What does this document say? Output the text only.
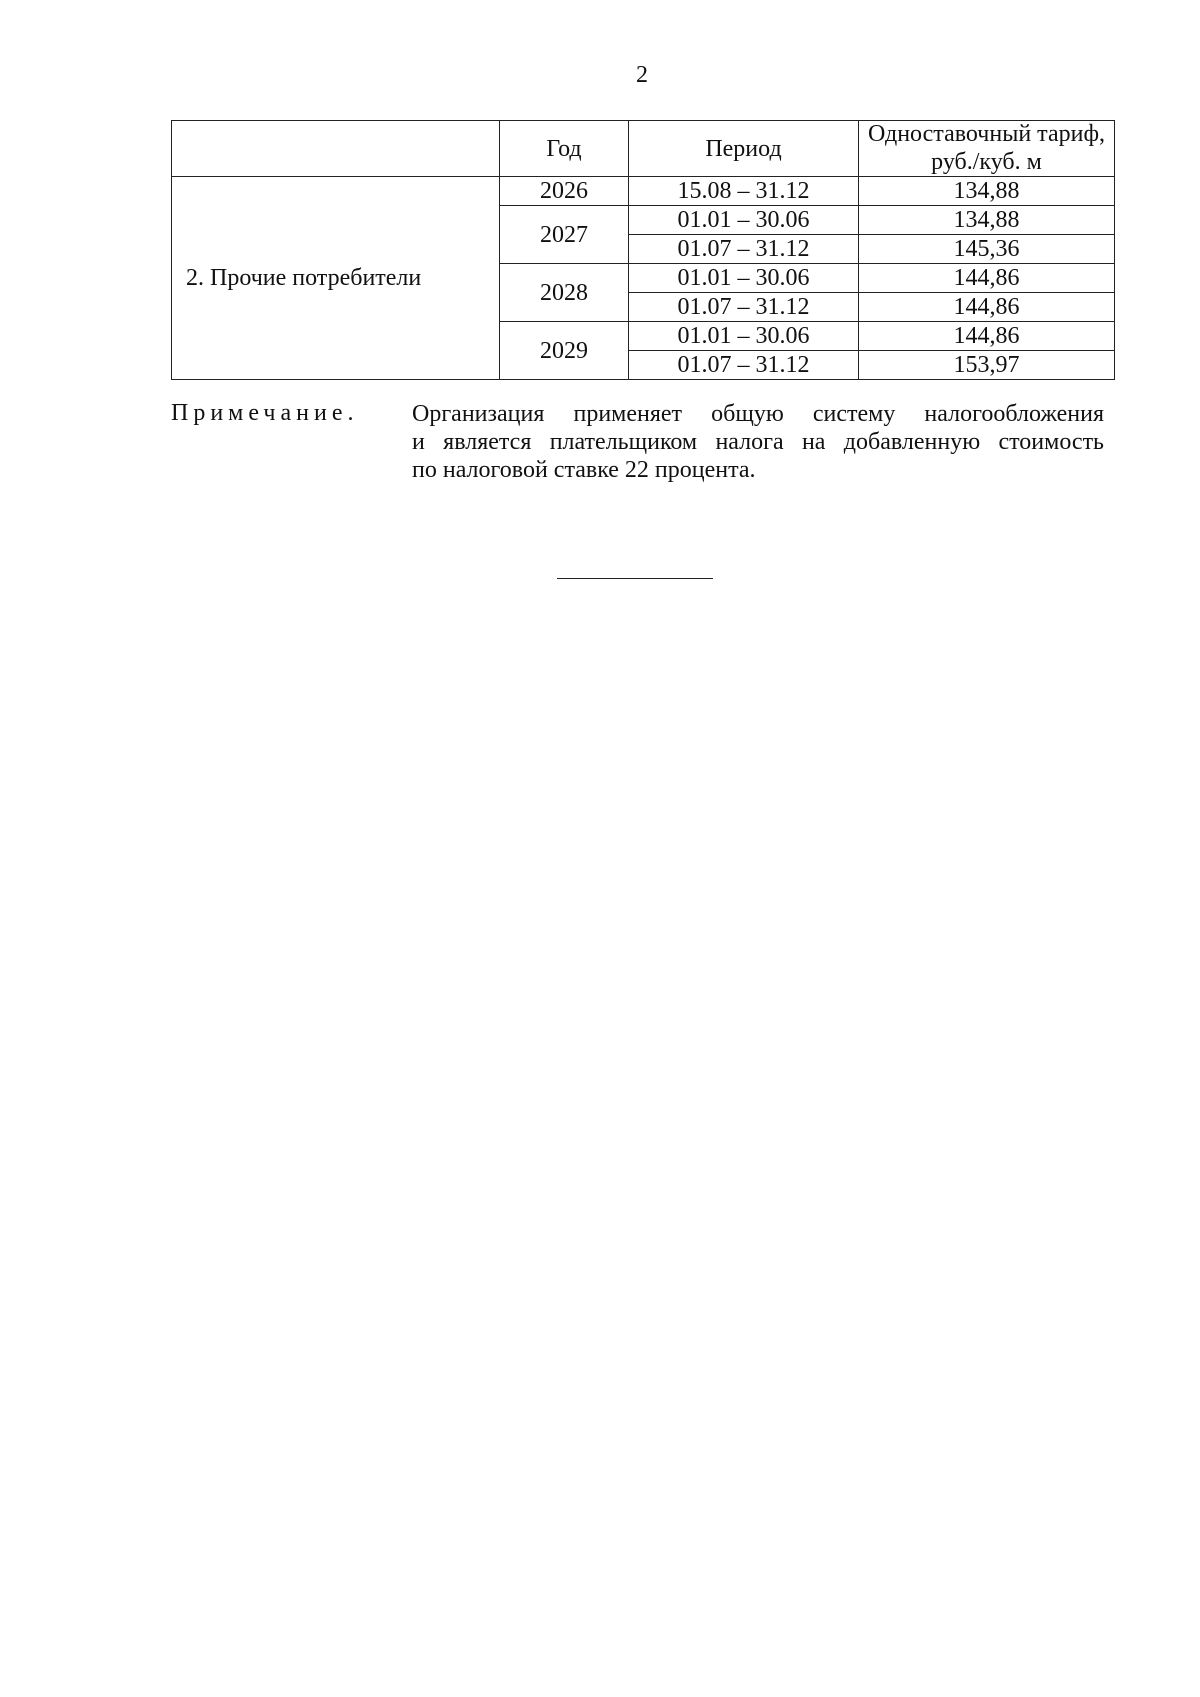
2
	Год	Период	Одноставочный тариф,
руб./куб. м
2. Прочие потребители	2026	15.08 – 31.12	134,88
	2027	01.01 – 30.06	134,88
		01.07 – 31.12	145,36
	2028	01.01 – 30.06	144,86
		01.07 – 31.12	144,86
	2029	01.01 – 30.06	144,86
		01.07 – 31.12	153,97
Примечание. Организация применяет общую систему налогообложения
и является плательщиком налога на добавленную стоимость
по налоговой ставке 22 процента.
